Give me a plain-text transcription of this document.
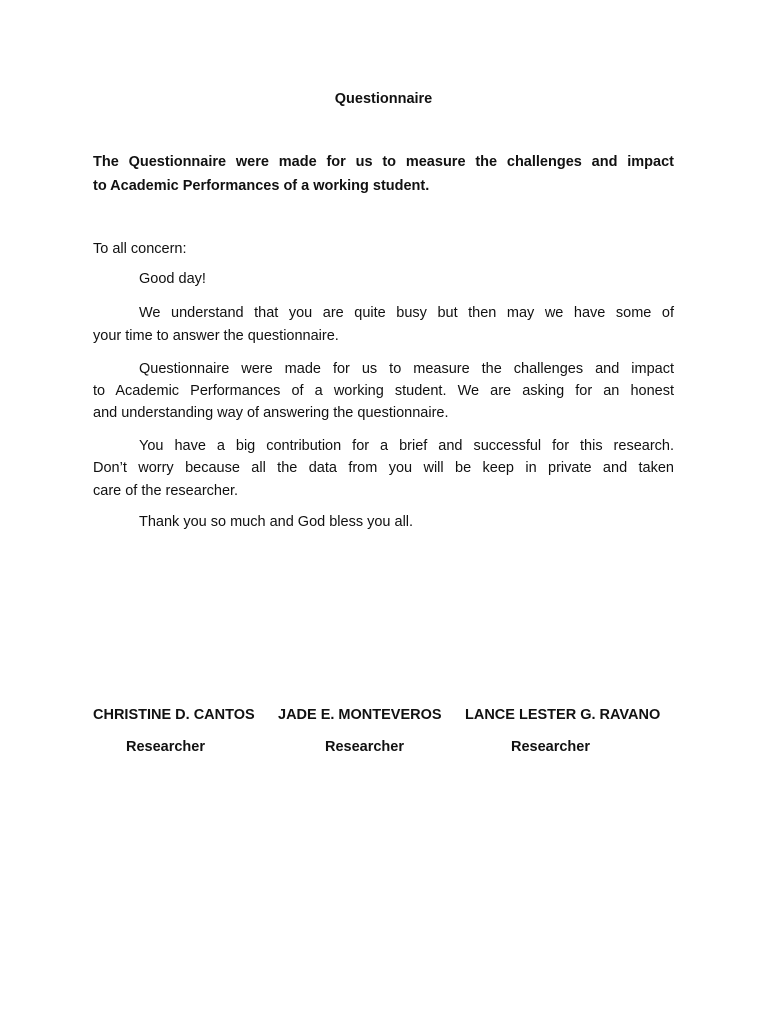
Questionnaire
The Questionnaire were made for us to measure the challenges and impact
to Academic Performances of a working student.
To all concern:
Good day!
We understand that you are quite busy but then may we have some of
your time to answer the questionnaire.
Questionnaire were made for us to measure the challenges and impact
to Academic Performances of a working student. We are asking for an honest
and understanding way of answering the questionnaire.
You have a big contribution for a brief and successful for this research.
Don’t worry because all the data from you will be keep in private and taken
care of the researcher.
Thank you so much and God bless you all.
CHRISTINE D. CANTOS JADE E. MONTEVEROS LANCE LESTER G. RAVANO
Researcher	Researcher	Researcher
